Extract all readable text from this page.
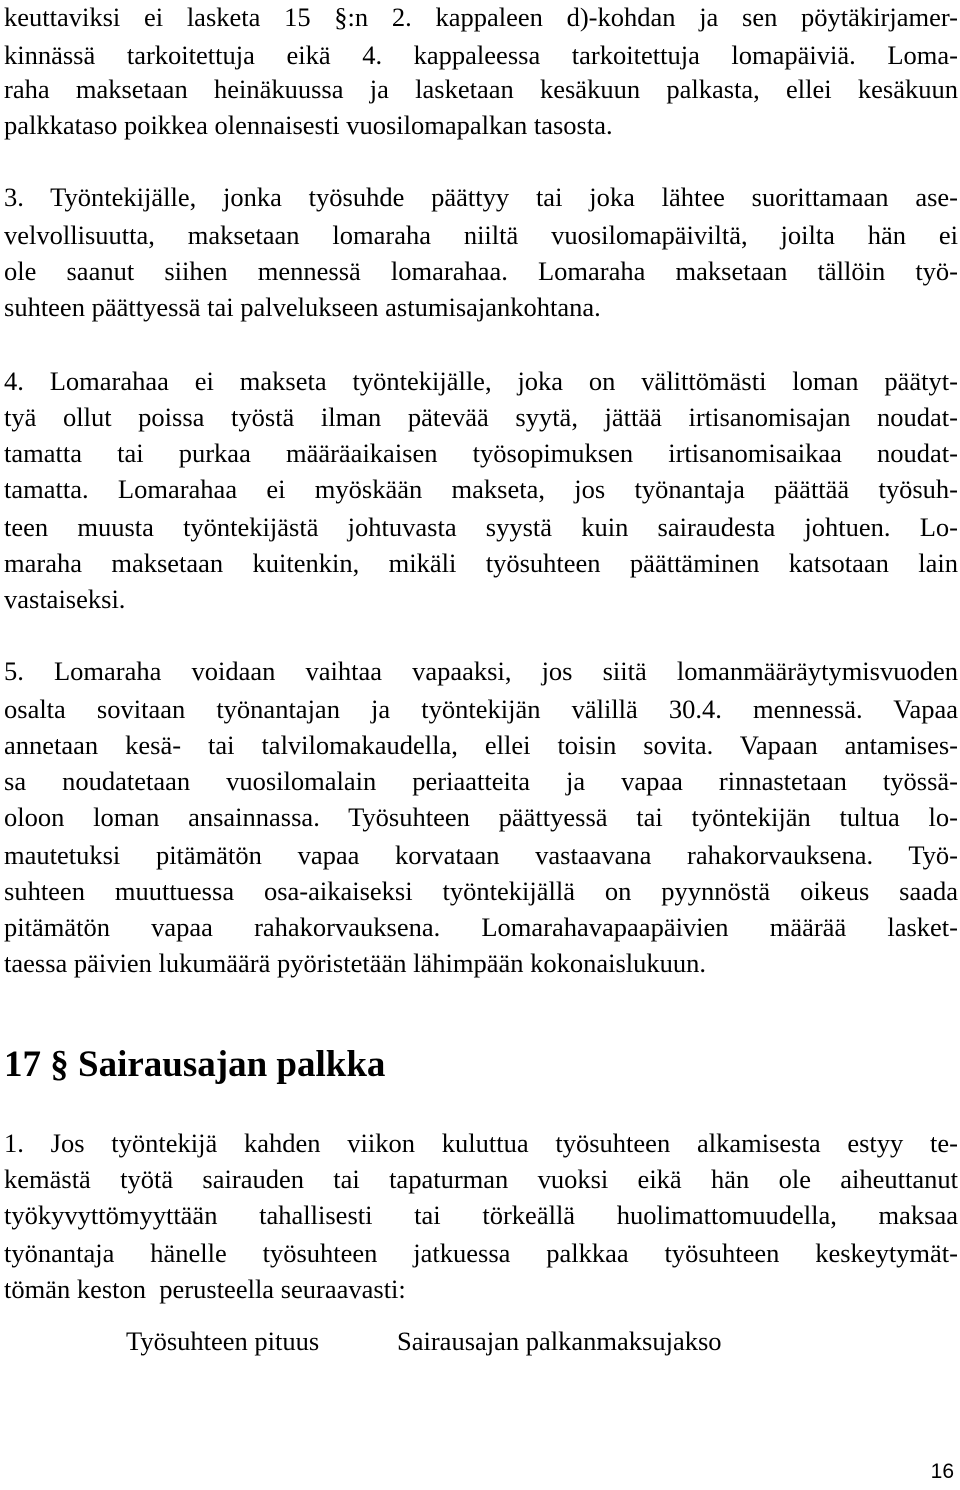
keuttaviksi ei lasketa 15 §:n 2. kappaleen d)-kohdan ja sen pöytäkirjamer-
kinnässä tarkoitettuja eikä 4. kappaleessa tarkoitettuja lomapäiviä. Loma-
raha maksetaan heinäkuussa ja lasketaan kesäkuun palkasta, ellei kesäkuun
palkkataso poikkea olennaisesti vuosilomapalkan tasosta.
3. Työntekijälle, jonka työsuhde päättyy tai joka lähtee suorittamaan ase-
velvollisuutta, maksetaan lomaraha niiltä vuosilomapäiviltä, joilta hän ei
ole saanut siihen mennessä lomarahaa. Lomaraha maksetaan tällöin työ-
suhteen päättyessä tai palvelukseen astumisajankohtana.
4. Lomarahaa ei makseta työntekijälle, joka on välittömästi loman päätyt-
tyä ollut poissa työstä ilman pätevää syytä, jättää irtisanomisajan noudat-
tamatta tai purkaa määräaikaisen työsopimuksen irtisanomisaikaa noudat-
tamatta. Lomarahaa ei myöskään makseta, jos työnantaja päättää työsuh-
teen muusta työntekijästä johtuvasta syystä kuin sairaudesta johtuen. Lo-
maraha maksetaan kuitenkin, mikäli työsuhteen päättäminen katsotaan lain
vastaiseksi.
5. Lomaraha voidaan vaihtaa vapaaksi, jos siitä lomanmääräytymisvuoden
osalta sovitaan työnantajan ja työntekijän välillä 30.4. mennessä. Vapaa
annetaan kesä- tai talvilomakaudella, ellei toisin sovita. Vapaan antamises-
sa noudatetaan vuosilomalain periaatteita ja vapaa rinnastetaan työssä-
oloon loman ansainnassa. Työsuhteen päättyessä tai työntekijän tultua lo-
mautetuksi pitämätön vapaa korvataan vastaavana rahakorvauksena. Työ-
suhteen muuttuessa osa-aikaiseksi työntekijällä on pyynnöstä oikeus saada
pitämätön vapaa rahakorvauksena. Lomarahavapaapäivien määrää lasket-
taessa päivien lukumäärä pyöristetään lähimpään kokonaislukuun.
17 § Sairausajan palkka
1. Jos työntekijä kahden viikon kuluttua työsuhteen alkamisesta estyy te-
kemästä työtä sairauden tai tapaturman vuoksi eikä hän ole aiheuttanut
työkyvyttömyyttään tahallisesti tai törkeällä huolimattomuudella, maksaa
työnantaja hänelle työsuhteen jatkuessa palkkaa työsuhteen keskeytymät-
tömän keston  perusteella seuraavasti:
Työsuhteen pituus	Sairausajan palkanmaksujakso
16
